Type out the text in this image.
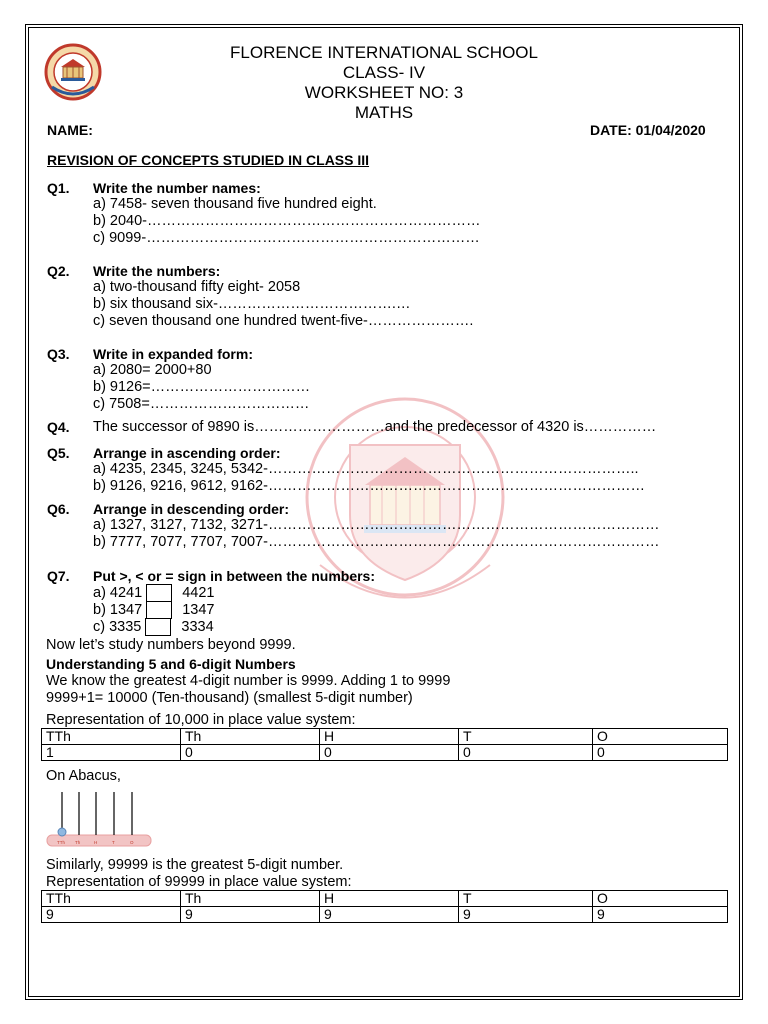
FLORENCE INTERNATIONAL SCHOOL
CLASS- IV
WORKSHEET NO: 3
MATHS
NAME:	DATE: 01/04/2020
REVISION OF CONCEPTS STUDIED IN CLASS III
Q1. Write the number names:
a) 7458- seven thousand five hundred eight.
b) 2040-……………………………………………………………
c) 9099-……………………………………………………………
Q2. Write the numbers:
a) two-thousand fifty eight- 2058
b) six thousand six-……………………………….…
c) seven thousand one hundred twent-five-………………….
Q3. Write in expanded form:
a) 2080= 2000+80
b) 9126=……………………………
c) 7508=……………………………
Q4. The successor of 9890 is………………………and the predecessor of 4320 is……………
Q5. Arrange in ascending order:
a) 4235, 2345, 3245, 5342-…………………………………………………………………..
b) 9126, 9216, 9612, 9162-……………………………………………………………………
Q6. Arrange in descending order:
a) 1327, 3127, 7132, 3271-………………………………………………………………………
b) 7777, 7077, 7707, 7007-………………………………………………………………………
Q7. Put >, < or = sign in between the numbers:
a) 4241	4421
b) 1347	1347
c) 3335	3334
Now let’s study numbers beyond 9999.
Understanding 5 and 6-digit Numbers
We know the greatest 4-digit number is 9999. Adding 1 to 9999
9999+1= 10000 (Ten-thousand) (smallest 5-digit number)
Representation of 10,000 in place value system:
TTh	Th	H	T	O
1	0	0	0	0
On Abacus,
TTh Th	H	T	O
Similarly, 99999 is the greatest 5-digit number.
Representation of 99999 in place value system:
TTh	Th	H	T	O
9	9	9	9	9
